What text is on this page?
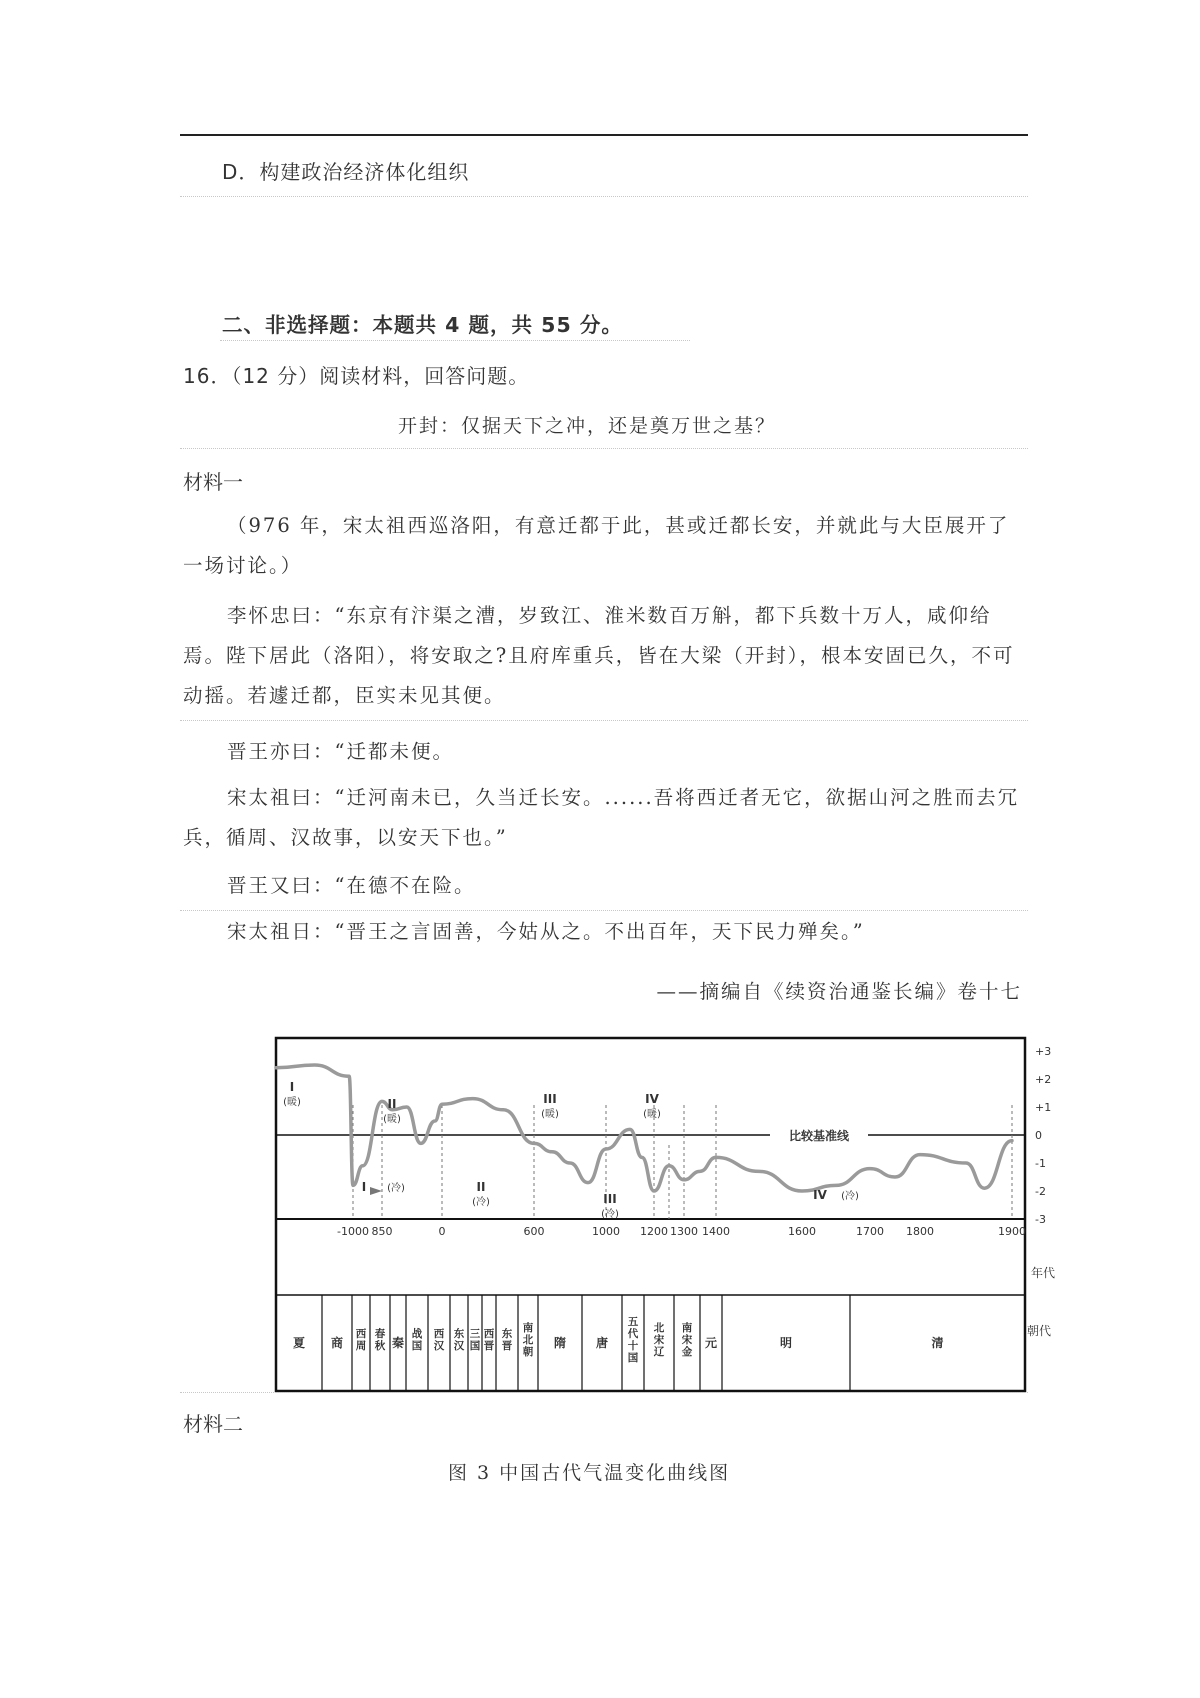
D．构建政治经济体化组织

二、非选择题：本题共 4 题，共 55 分。

16．（12 分）阅读材料，回答问题。

开封：仅据天下之冲，还是奠万世之基？

材料一

（976 年，宋太祖西巡洛阳，有意迁都于此，甚或迁都长安，并就此与大臣展开了一场讨论。）

李怀忠曰：“东京有汴渠之漕，岁致江、淮米数百万斛，都下兵数十万人，咸仰给焉。陛下居此（洛阳），将安取之?且府库重兵，皆在大梁（开封），根本安固已久，不可动摇。若遽迁都，臣实未见其便。

晋王亦曰：“迁都未便。

宋太祖曰：“迁河南未已，久当迁长安。......吾将西迁者无它，欲据山河之胜而去冗兵，循周、汉故事，以安天下也。”

晋王又曰：“在德不在险。

宋太祖日：“晋王之言固善，今姑从之。不出百年，天下民力殚矣。”

——摘编自《续资治通鉴长编》卷十七

比较基准线
+3
+2
+1
0
-1
-2
-3
-1000 850	0	600	1000 1200 1300 1400	1600	1700 1800	1900
年代
朝代
I
(暖)	II
(暖)
III
(暖)
IV
(暖)
I (冷)	II
(冷)	III
(冷)
IV (冷)
夏 商
西
周
春
秋 秦
战
国
西
汉
东
汉
三
国
西
晋
东
晋
南
北
朝
隋 唐
五
代
十
国
北
宋
辽
南
宋
金
元	明	清

材料二

图 3 中国古代气温变化曲线图
